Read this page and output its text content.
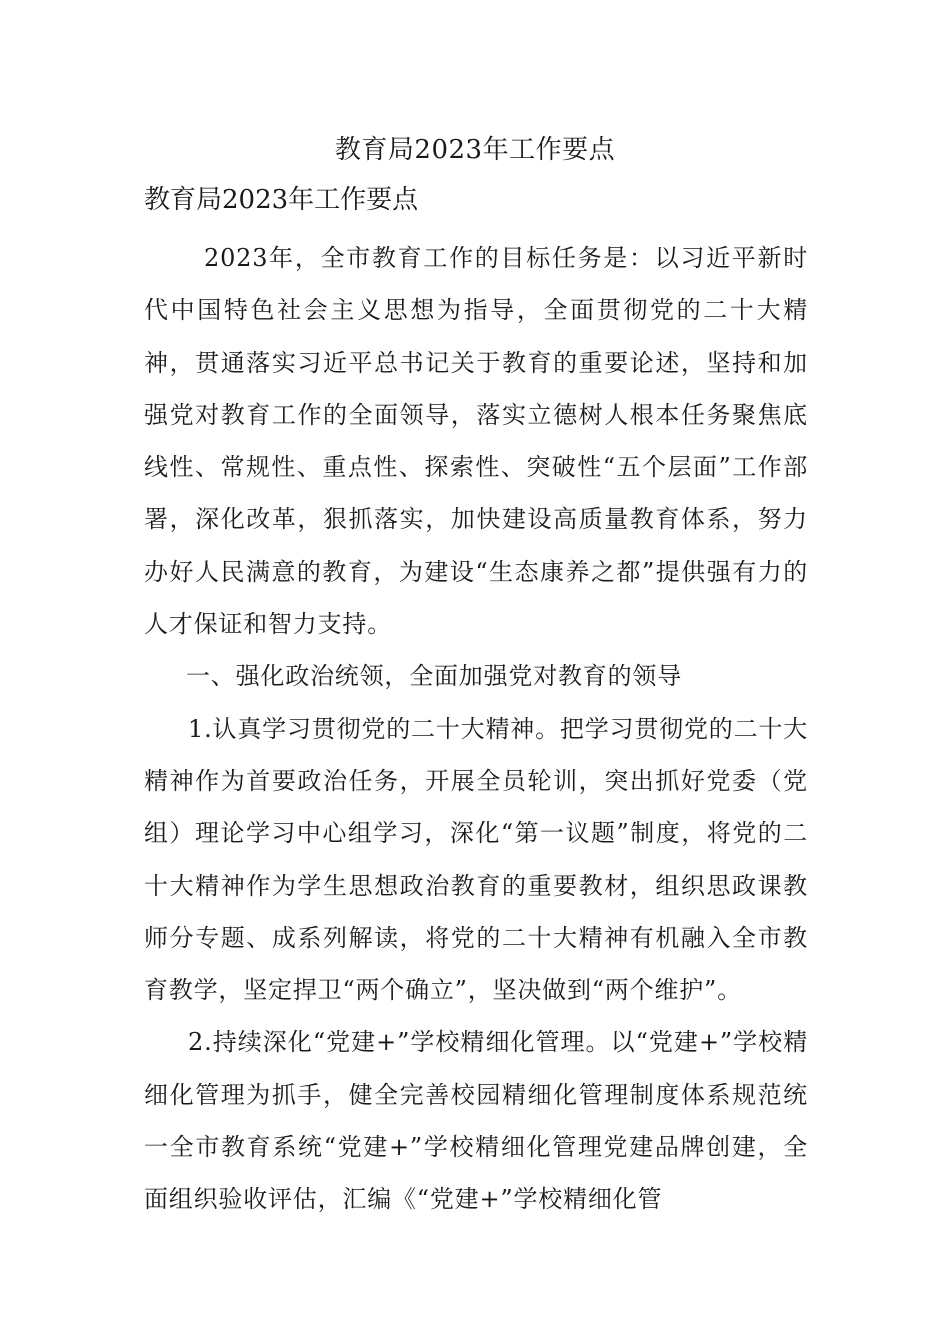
教育局2023年工作要点
教育局2023年工作要点

2023年，全市教育工作的目标任务是：以习近平新时代中国特色社会主义思想为指导，全面贯彻党的二十大精神，贯通落实习近平总书记关于教育的重要论述，坚持和加强党对教育工作的全面领导，落实立德树人根本任务聚焦底线性、常规性、重点性、探索性、突破性“五个层面”工作部署，深化改革，狠抓落实，加快建设高质量教育体系，努力办好人民满意的教育，为建设“生态康养之都”提供强有力的人才保证和智力支持。

一、强化政治统领，全面加强党对教育的领导

1.认真学习贯彻党的二十大精神。把学习贯彻党的二十大精神作为首要政治任务，开展全员轮训，突出抓好党委（党组）理论学习中心组学习，深化“第一议题”制度，将党的二十大精神作为学生思想政治教育的重要教材，组织思政课教师分专题、成系列解读，将党的二十大精神有机融入全市教育教学，坚定捍卫“两个确立”，坚决做到“两个维护”。

2.持续深化“党建+”学校精细化管理。以“党建+”学校精细化管理为抓手，健全完善校园精细化管理制度体系规范统一全市教育系统“党建+”学校精细化管理党建品牌创建，全面组织验收评估，汇编《“党建+”学校精细化管
